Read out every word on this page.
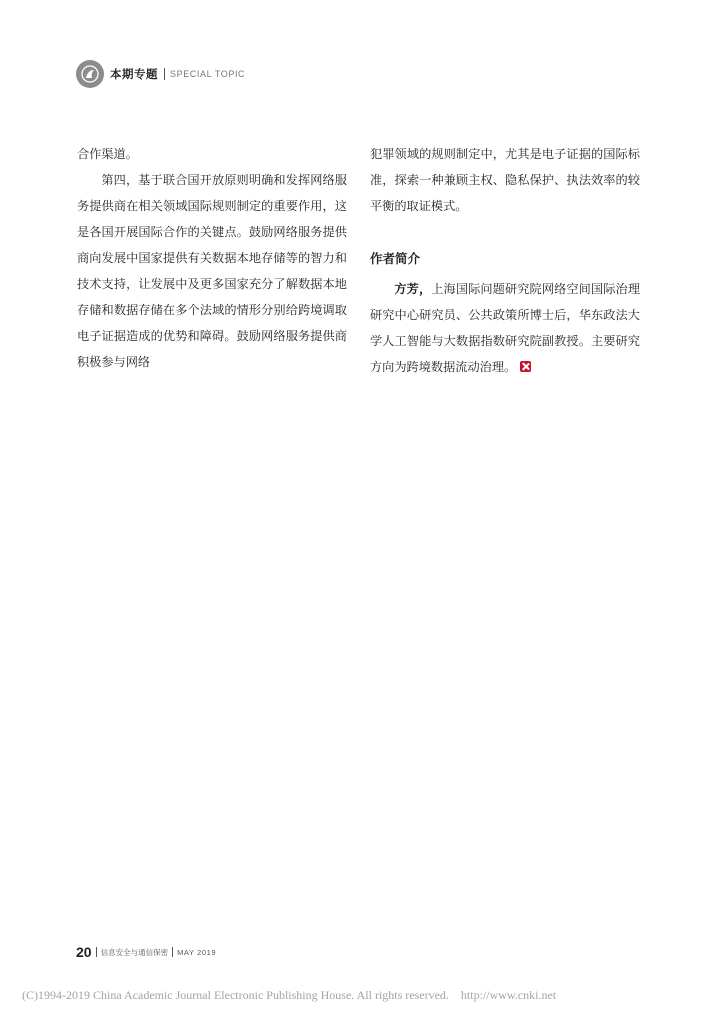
本期专题 SPECIAL TOPIC

合作渠道。

第四，基于联合国开放原则明确和发挥网络服务提供商在相关领域国际规则制定的重要作用，这是各国开展国际合作的关键点。鼓励网络服务提供商向发展中国家提供有关数据本地存储等的智力和技术支持，让发展中及更多国家充分了解数据本地存储和数据存储在多个法域的情形分别给跨境调取电子证据造成的优势和障碍。鼓励网络服务提供商积极参与网络

犯罪领域的规则制定中，尤其是电子证据的国际标准，探索一种兼顾主权、隐私保护、执法效率的较平衡的取证模式。

作者简介

方芳，上海国际问题研究院网络空间国际治理研究中心研究员、公共政策所博士后，华东政法大学人工智能与大数据指数研究院副教授。主要研究方向为跨境数据流动治理。

20 信息安全与通信保密 MAY 2019
(C)1994-2019 China Academic Journal Electronic Publishing House. All rights reserved. http://www.cnki.net
